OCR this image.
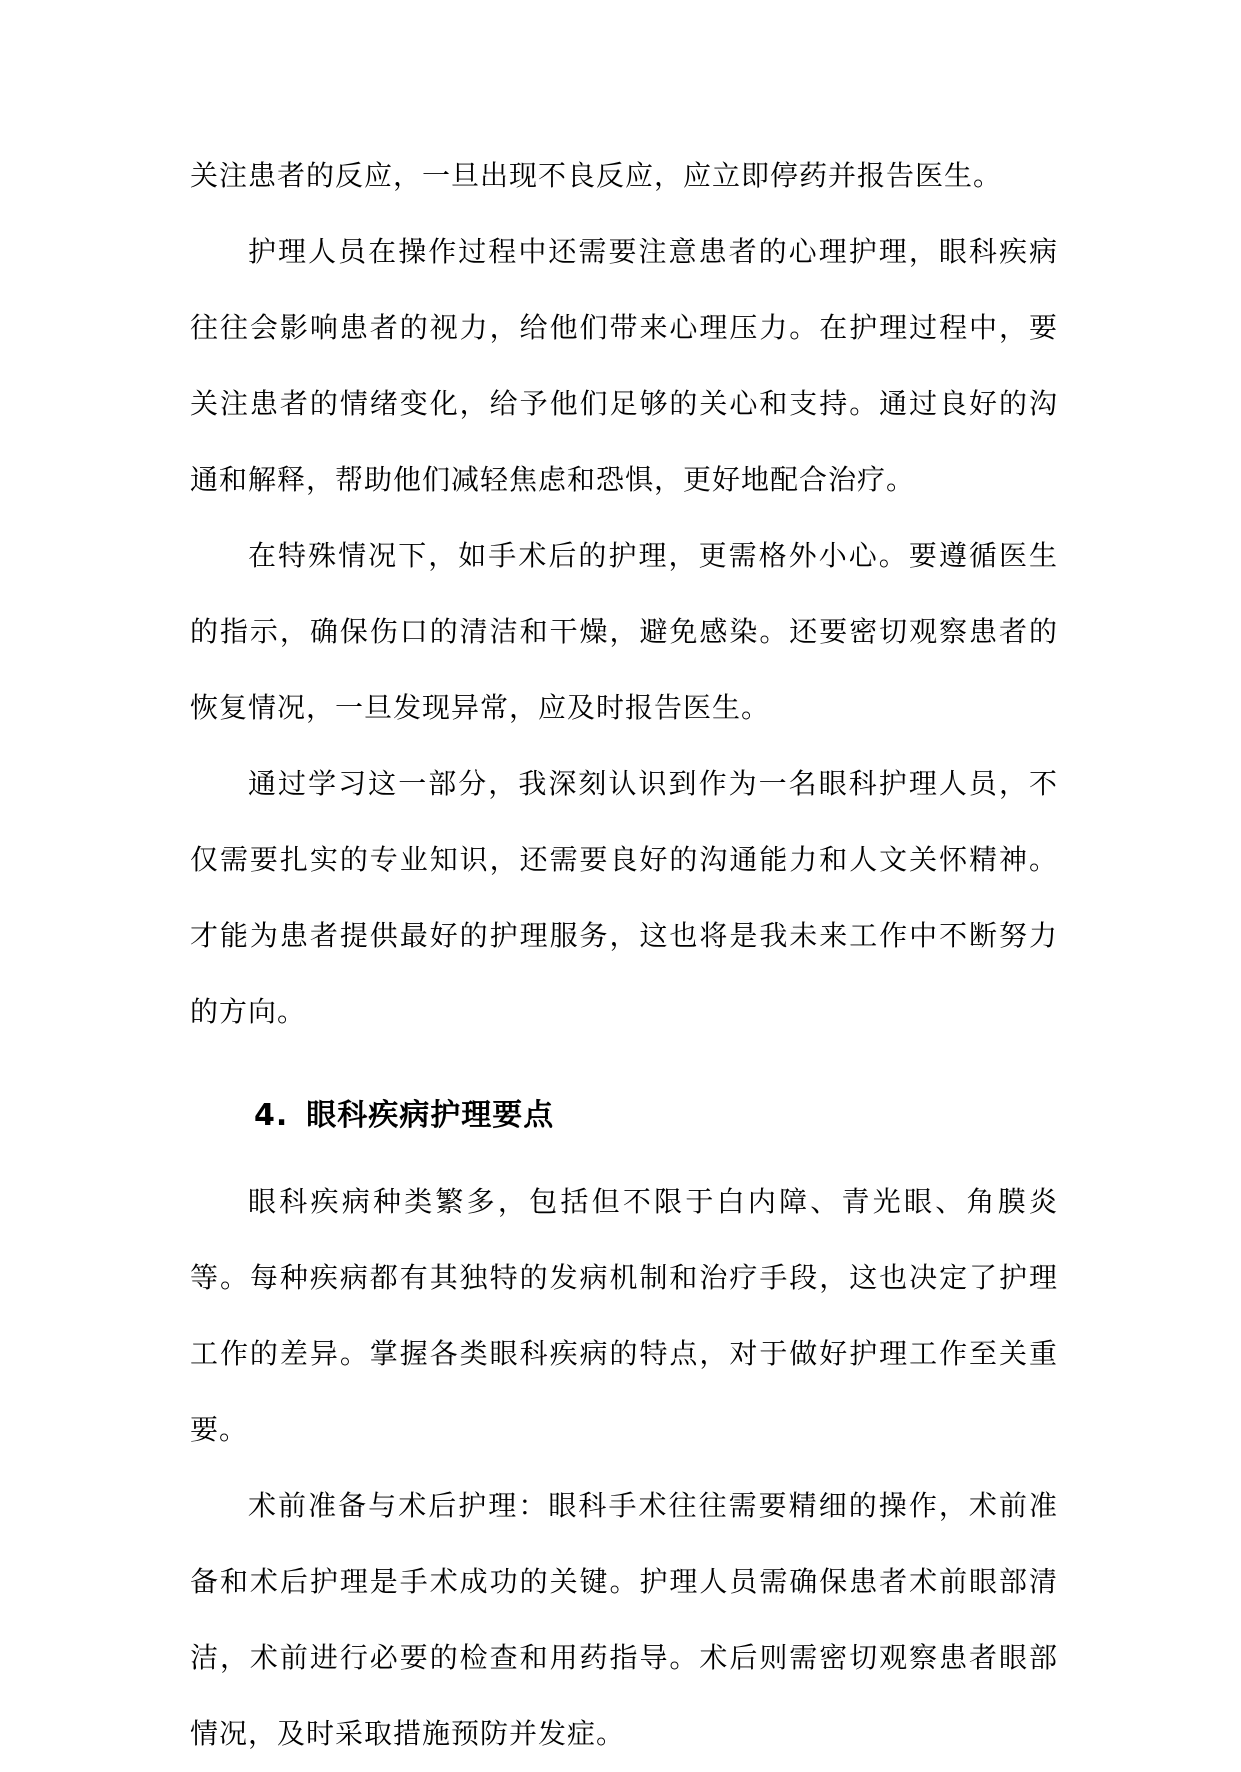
关注患者的反应，一旦出现不良反应，应立即停药并报告医生。

护理人员在操作过程中还需要注意患者的心理护理，眼科疾病往往会影响患者的视力，给他们带来心理压力。在护理过程中，要关注患者的情绪变化，给予他们足够的关心和支持。通过良好的沟通和解释，帮助他们减轻焦虑和恐惧，更好地配合治疗。

在特殊情况下，如手术后的护理，更需格外小心。要遵循医生的指示，确保伤口的清洁和干燥，避免感染。还要密切观察患者的恢复情况，一旦发现异常，应及时报告医生。

通过学习这一部分，我深刻认识到作为一名眼科护理人员，不仅需要扎实的专业知识，还需要良好的沟通能力和人文关怀精神。才能为患者提供最好的护理服务，这也将是我未来工作中不断努力的方向。

4. 眼科疾病护理要点

眼科疾病种类繁多，包括但不限于白内障、青光眼、角膜炎等。每种疾病都有其独特的发病机制和治疗手段，这也决定了护理工作的差异。掌握各类眼科疾病的特点，对于做好护理工作至关重要。

术前准备与术后护理：眼科手术往往需要精细的操作，术前准备和术后护理是手术成功的关键。护理人员需确保患者术前眼部清洁，术前进行必要的检查和用药指导。术后则需密切观察患者眼部情况，及时采取措施预防并发症。
